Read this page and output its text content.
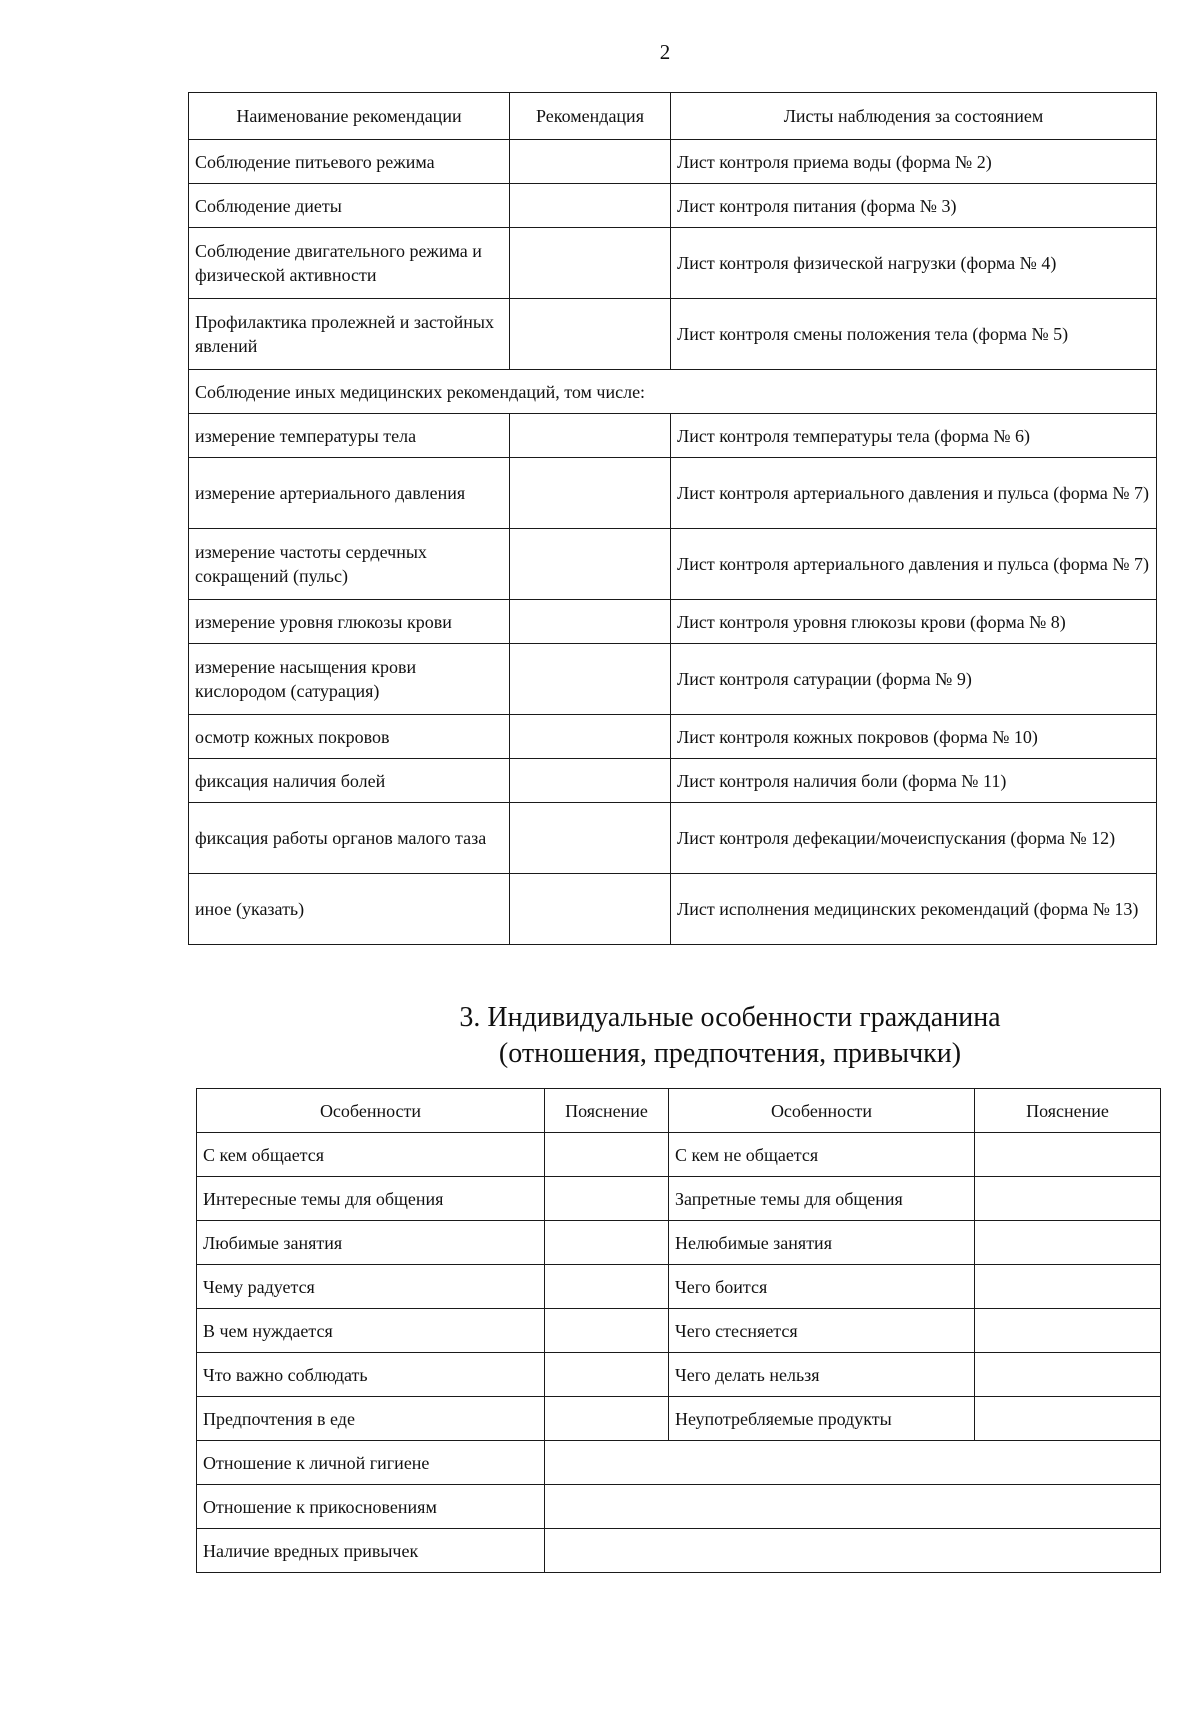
2
Наименование рекомендации	Рекомендация	Листы наблюдения за состоянием
Соблюдение питьевого режима		Лист контроля приема воды (форма № 2)
Соблюдение диеты		Лист контроля питания (форма № 3)
Соблюдение двигательного режима и физической активности		Лист контроля физической нагрузки (форма № 4)
Профилактика пролежней и застойных явлений		Лист контроля смены положения тела (форма № 5)
Соблюдение иных медицинских рекомендаций, том числе:		
измерение температуры тела		Лист контроля температуры тела (форма № 6)
измерение артериального давления		Лист контроля артериального давления и пульса (форма № 7)
измерение частоты сердечных сокращений (пульс)		Лист контроля артериального давления и пульса (форма № 7)
измерение уровня глюкозы крови		Лист контроля уровня глюкозы крови (форма № 8)
измерение насыщения крови кислородом (сатурация)		Лист контроля сатурации (форма № 9)
осмотр кожных покровов		Лист контроля кожных покровов (форма № 10)
фиксация наличия болей		Лист контроля наличия боли (форма № 11)
фиксация работы органов малого таза		Лист контроля дефекации/мочеиспускания (форма № 12)
иное (указать)		Лист исполнения медицинских рекомендаций (форма № 13)
3. Индивидуальные особенности гражданина
(отношения, предпочтения, привычки)
Особенности	Пояснение	Особенности	Пояснение
С кем общается		С кем не общается	
Интересные темы для общения		Запретные темы для общения	
Любимые занятия		Нелюбимые занятия	
Чему радуется		Чего боится	
В чем нуждается		Чего стесняется	
Что важно соблюдать		Чего делать нельзя	
Предпочтения в еде		Неупотребляемые продукты	
Отношение к личной гигиене			
Отношение к прикосновениям			
Наличие вредных привычек			
